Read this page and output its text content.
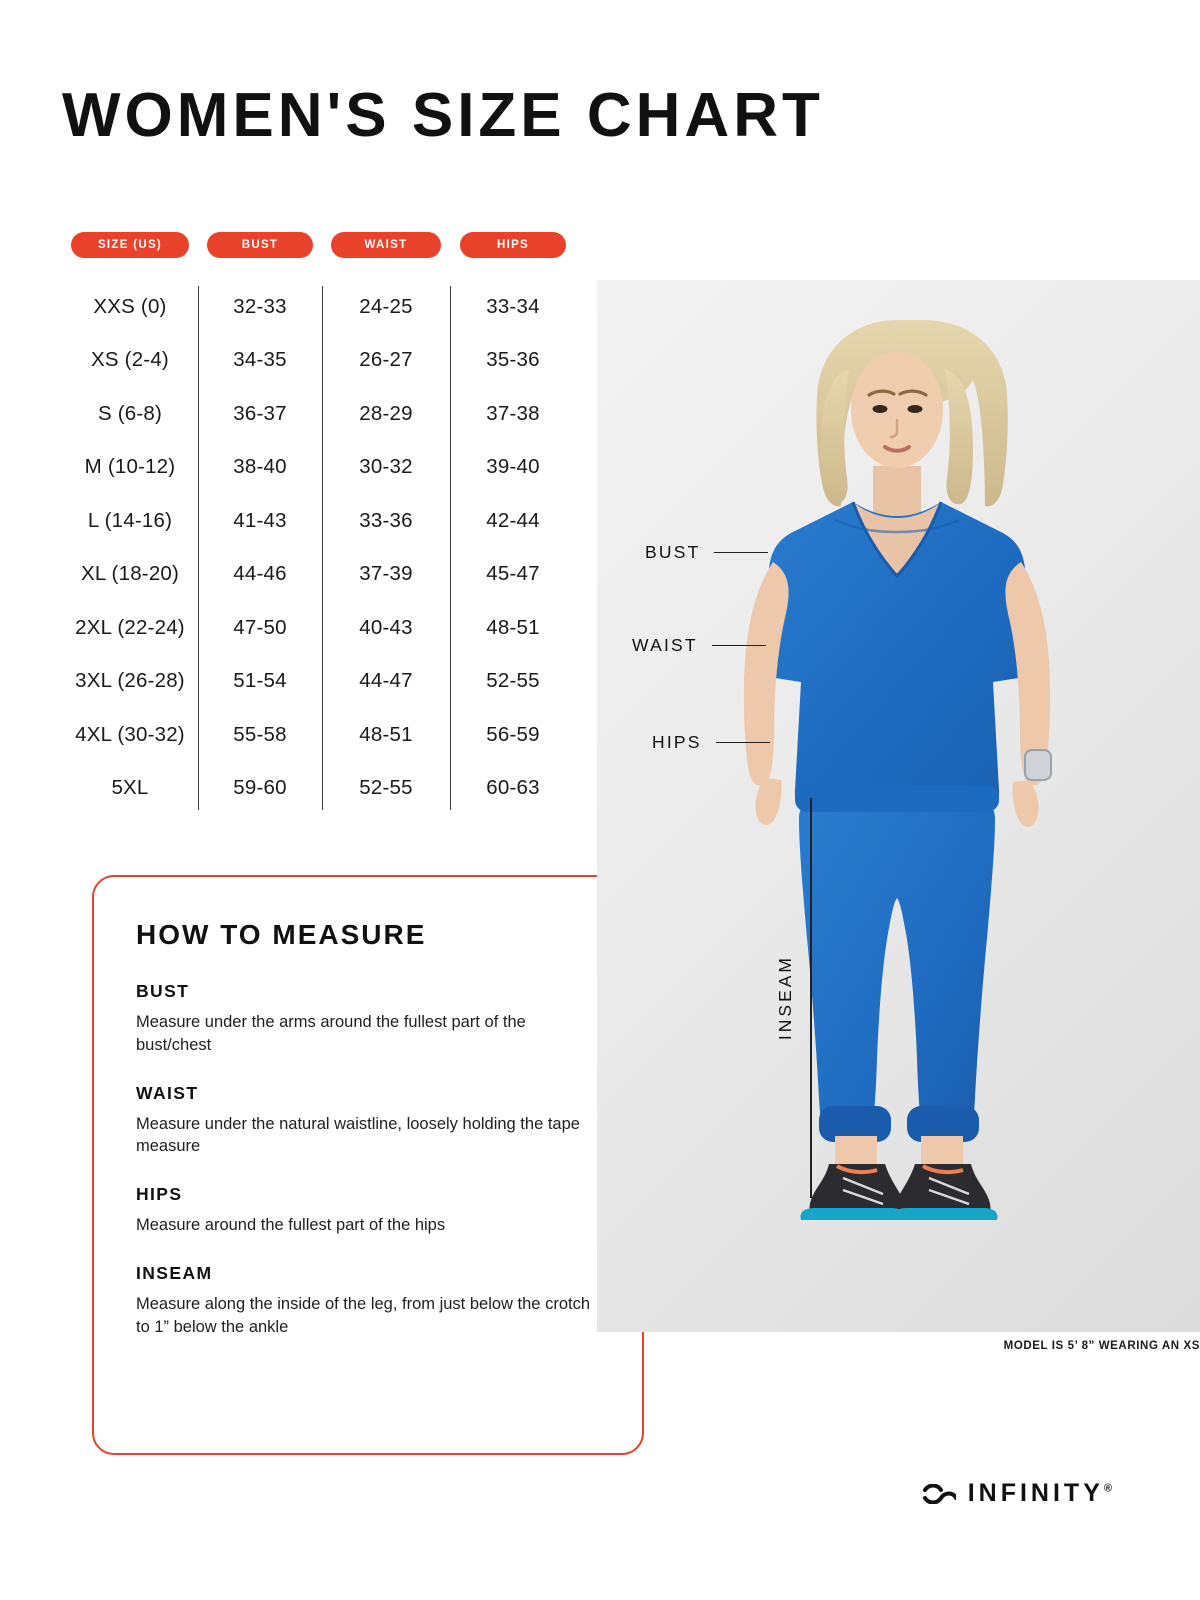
WOMEN'S SIZE CHART
SIZE (US)	BUST	WAIST	HIPS
XXS (0)	32-33	24-25	33-34
XS (2-4)	34-35	26-27	35-36
S (6-8)	36-37	28-29	37-38
M (10-12)	38-40	30-32	39-40
L (14-16)	41-43	33-36	42-44
XL (18-20)	44-46	37-39	45-47
2XL (22-24)	47-50	40-43	48-51
3XL (26-28)	51-54	44-47	52-55
4XL (30-32)	55-58	48-51	56-59
5XL	59-60	52-55	60-63
HOW TO MEASURE
BUST
Measure under the arms around the fullest part of the bust/chest
WAIST
Measure under the natural waistline, loosely holding the tape measure
HIPS
Measure around the fullest part of the hips
INSEAM
Measure along the inside of the leg, from just below the crotch to 1” below the ankle
BUST
WAIST
HIPS
INSEAM
MODEL IS 5’ 8” WEARING AN XS
INFINITY®
